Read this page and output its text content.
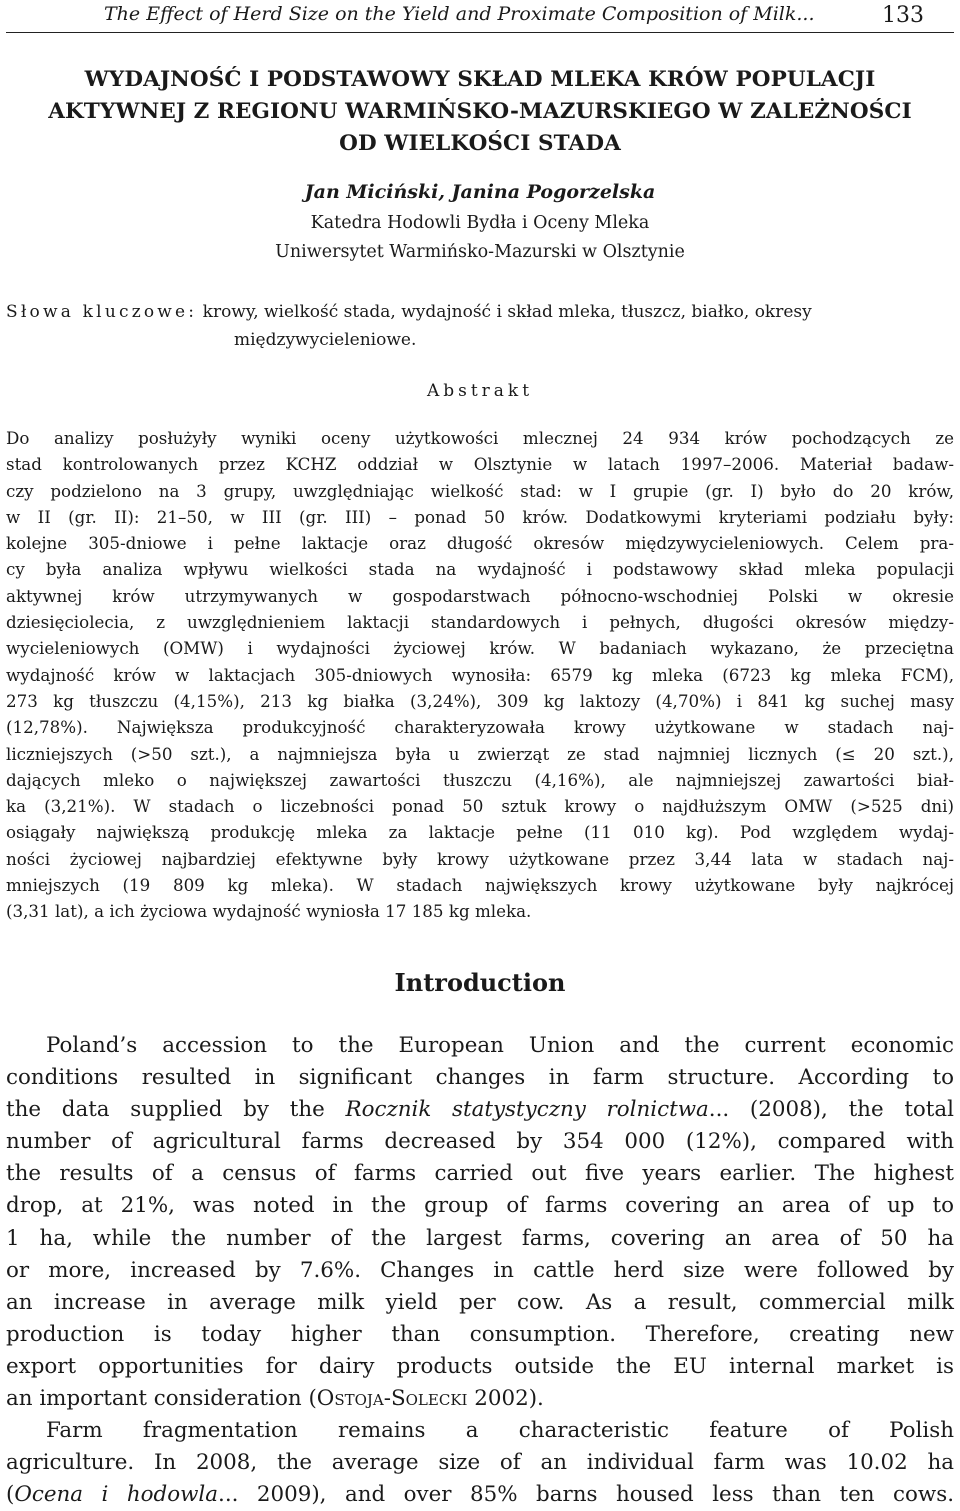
The Effect of Herd Size on the Yield and Proximate Composition of Milk...	133
WYDAJNOŚĆ I PODSTAWOWY SKŁAD MLEKA KRÓW POPULACJI
AKTYWNEJ Z REGIONU WARMIŃSKO-MAZURSKIEGO W ZALEŻNOŚCI
OD WIELKOŚCI STADA
Jan Miciński, Janina Pogorzelska
Katedra Hodowli Bydła i Oceny Mleka
Uniwersytet Warmińsko-Mazurski w Olsztynie
Słowa kluczowe: krowy, wielkość stada, wydajność i skład mleka, tłuszcz, białko, okresy
międzywycieleniowe.
Abstrakt
Do analizy posłużyły wyniki oceny użytkowości mlecznej 24 934 krów pochodzących ze
stad kontrolowanych przez KCHZ oddział w Olsztynie w latach 1997–2006. Materiał badaw-
czy podzielono na 3 grupy, uwzględniając wielkość stad: w I grupie (gr. I) było do 20 krów,
w II (gr. II): 21–50, w III (gr. III) – ponad 50 krów. Dodatkowymi kryteriami podziału były:
kolejne 305-dniowe i pełne laktacje oraz długość okresów międzywycieleniowych. Celem pra-
cy była analiza wpływu wielkości stada na wydajność i podstawowy skład mleka populacji
aktywnej krów utrzymywanych w gospodarstwach północno-wschodniej Polski w okresie
dziesięciolecia, z uwzględnieniem laktacji standardowych i pełnych, długości okresów między-
wycieleniowych (OMW) i wydajności życiowej krów. W badaniach wykazano, że przeciętna
wydajność krów w laktacjach 305-dniowych wynosiła: 6579 kg mleka (6723 kg mleka FCM),
273 kg tłuszczu (4,15%), 213 kg białka (3,24%), 309 kg laktozy (4,70%) i 841 kg suchej masy
(12,78%). Największa produkcyjność charakteryzowała krowy użytkowane w stadach naj-
liczniejszych (>50 szt.), a najmniejsza była u zwierząt ze stad najmniej licznych (≤ 20 szt.),
dających mleko o największej zawartości tłuszczu (4,16%), ale najmniejszej zawartości biał-
ka (3,21%). W stadach o liczebności ponad 50 sztuk krowy o najdłuższym OMW (>525 dni)
osiągały największą produkcję mleka za laktacje pełne (11 010 kg). Pod względem wydaj-
ności życiowej najbardziej efektywne były krowy użytkowane przez 3,44 lata w stadach naj-
mniejszych (19 809 kg mleka). W stadach największych krowy użytkowane były najkrócej
(3,31 lat), a ich życiowa wydajność wyniosła 17 185 kg mleka.
Introduction
Poland’s accession to the European Union and the current economic
conditions resulted in significant changes in farm structure. According to
the data supplied by the Rocznik statystyczny rolnictwa... (2008), the total
number of agricultural farms decreased by 354 000 (12%), compared with
the results of a census of farms carried out five years earlier. The highest
drop, at 21%, was noted in the group of farms covering an area of up to
1 ha, while the number of the largest farms, covering an area of 50 ha
or more, increased by 7.6%. Changes in cattle herd size were followed by
an increase in average milk yield per cow. As a result, commercial milk
production is today higher than consumption. Therefore, creating new
export opportunities for dairy products outside the EU internal market is
an important consideration (Ostoja-Solecki 2002).
Farm fragmentation remains a characteristic feature of Polish
agriculture. In 2008, the average size of an individual farm was 10.02 ha
(Ocena i hodowla... 2009), and over 85% barns housed less than ten cows.
